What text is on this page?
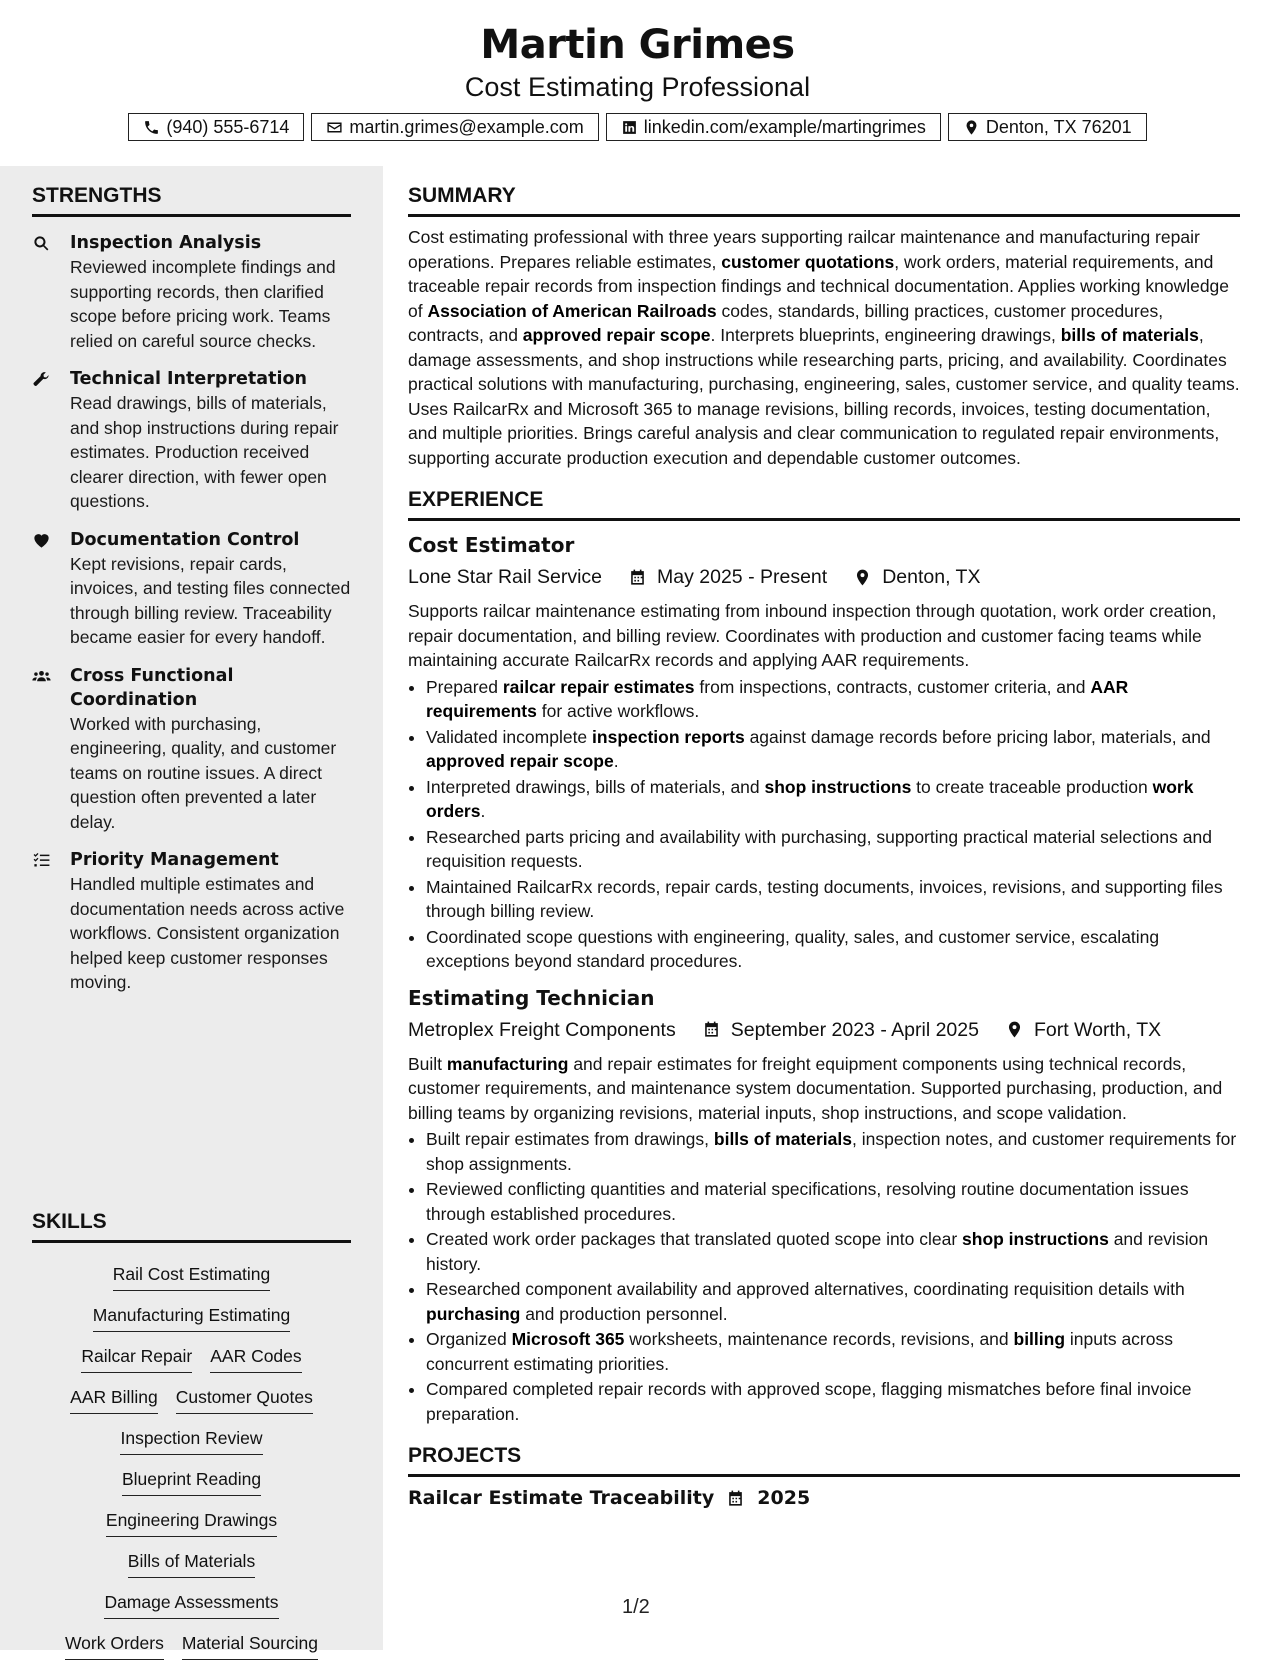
Martin Grimes
Cost Estimating Professional
(940) 555-6714	martin.grimes@example.com	linkedin.com/example/martingrimes	Denton, TX 76201
STRENGTHS
Inspection Analysis
Reviewed incomplete findings and supporting records, then clarified scope before pricing work. Teams relied on careful source checks.
Technical Interpretation
Read drawings, bills of materials, and shop instructions during repair estimates. Production received clearer direction, with fewer open questions.
Documentation Control
Kept revisions, repair cards, invoices, and testing files connected through billing review. Traceability became easier for every handoff.
Cross Functional Coordination
Worked with purchasing, engineering, quality, and customer teams on routine issues. A direct question often prevented a later delay.
Priority Management
Handled multiple estimates and documentation needs across active workflows. Consistent organization helped keep customer responses moving.
SKILLS
Rail Cost Estimating
Manufacturing Estimating
Railcar Repair AAR Codes
AAR Billing Customer Quotes
Inspection Review
Blueprint Reading
Engineering Drawings
Bills of Materials
Damage Assessments
Work Orders Material Sourcing
SUMMARY
Cost estimating professional with three years supporting railcar maintenance and manufacturing repair operations. Prepares reliable estimates, customer quotations, work orders, material requirements, and traceable repair records from inspection findings and technical documentation. Applies working knowledge of Association of American Railroads codes, standards, billing practices, customer procedures, contracts, and approved repair scope. Interprets blueprints, engineering drawings, bills of materials, damage assessments, and shop instructions while researching parts, pricing, and availability. Coordinates practical solutions with manufacturing, purchasing, engineering, sales, customer service, and quality teams. Uses RailcarRx and Microsoft 365 to manage revisions, billing records, invoices, testing documentation, and multiple priorities. Brings careful analysis and clear communication to regulated repair environments, supporting accurate production execution and dependable customer outcomes.
EXPERIENCE
Cost Estimator
Lone Star Rail Service	May 2025 - Present	Denton, TX
Supports railcar maintenance estimating from inbound inspection through quotation, work order creation, repair documentation, and billing review. Coordinates with production and customer facing teams while maintaining accurate RailcarRx records and applying AAR requirements.
• Prepared railcar repair estimates from inspections, contracts, customer criteria, and AAR requirements for active workflows.
• Validated incomplete inspection reports against damage records before pricing labor, materials, and approved repair scope.
• Interpreted drawings, bills of materials, and shop instructions to create traceable production work orders.
• Researched parts pricing and availability with purchasing, supporting practical material selections and requisition requests.
• Maintained RailcarRx records, repair cards, testing documents, invoices, revisions, and supporting files through billing review.
• Coordinated scope questions with engineering, quality, sales, and customer service, escalating exceptions beyond standard procedures.
Estimating Technician
Metroplex Freight Components	September 2023 - April 2025	Fort Worth, TX
Built manufacturing and repair estimates for freight equipment components using technical records, customer requirements, and maintenance system documentation. Supported purchasing, production, and billing teams by organizing revisions, material inputs, shop instructions, and scope validation.
• Built repair estimates from drawings, bills of materials, inspection notes, and customer requirements for shop assignments.
• Reviewed conflicting quantities and material specifications, resolving routine documentation issues through established procedures.
• Created work order packages that translated quoted scope into clear shop instructions and revision history.
• Researched component availability and approved alternatives, coordinating requisition details with purchasing and production personnel.
• Organized Microsoft 365 worksheets, maintenance records, revisions, and billing inputs across concurrent estimating priorities.
• Compared completed repair records with approved scope, flagging mismatches before final invoice preparation.
PROJECTS
Railcar Estimate Traceability 2025
1/2
